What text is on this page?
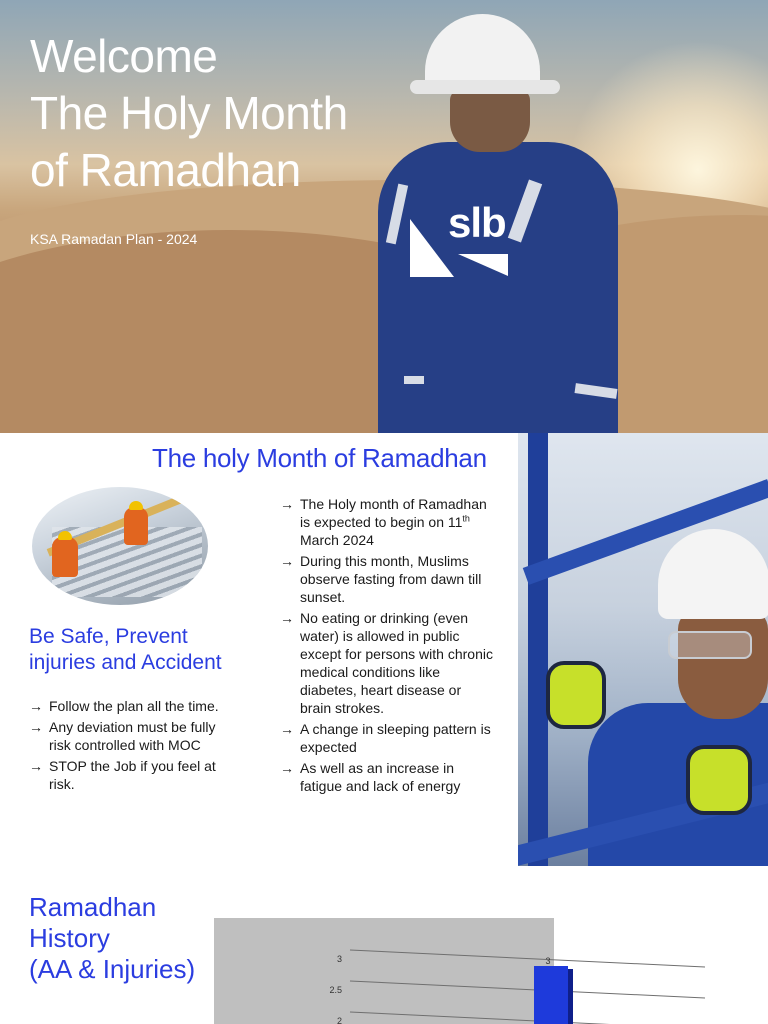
slb
Welcome
The Holy Month
of Ramadhan
KSA Ramadan Plan - 2024
The holy Month of Ramadhan
Be Safe, Prevent injuries and Accident
→ Follow the plan all the time.
→ Any deviation must be fully risk controlled with MOC
→ STOP the Job if you feel at risk.
→ The Holy month of Ramadhan is expected to begin on 11th March 2024
→ During this month, Muslims observe fasting from dawn till sunset.
→ No eating or drinking (even water) is allowed in public except for persons with chronic medical conditions like diabetes, heart disease or brain strokes.
→ A change in sleeping pattern is expected
→ As well as an increase in fatigue and lack of energy
Ramadhan
History
(AA & Injuries)
2
2.5
3	3
